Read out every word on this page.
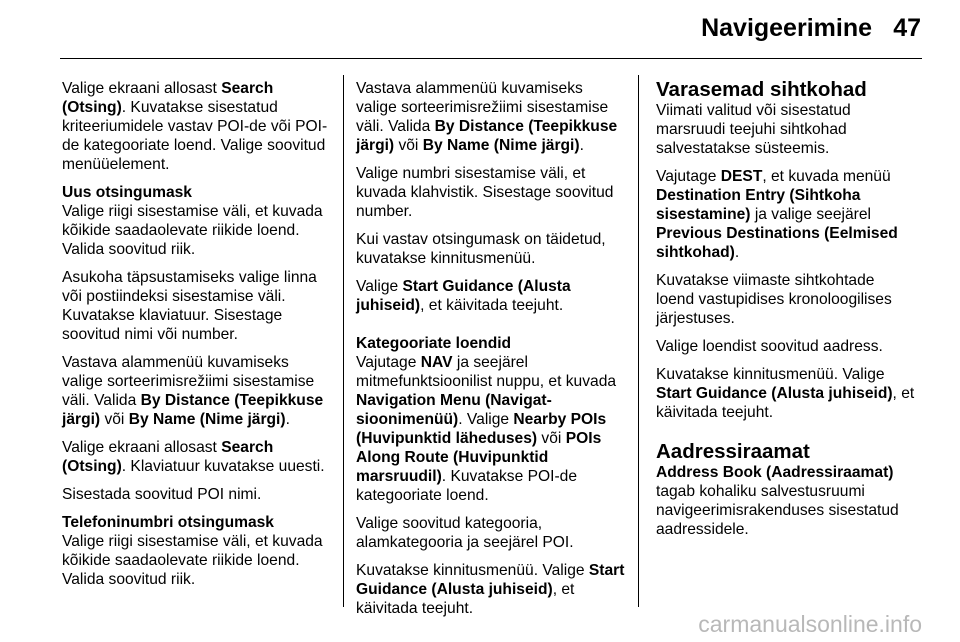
Navigeerimine 47

Valige ekraani allosast Search (Otsing). Kuvatakse sisestatud kriteeriumidele vastav POI-de või POI-de kategooriate loend. Valige soovitud menüüelement.

Uus otsingumask

Valige riigi sisestamise väli, et kuvada kõikide saadaolevate riikide loend. Valida soovitud riik.

Asukoha täpsustamiseks valige linna või postiindeksi sisestamise väli. Kuvatakse klaviatuur. Sisestage soovitud nimi või number.

Vastava alammenüü kuvamiseks valige sorteerimisrežiimi sisestamise väli. Valida By Distance (Teepikkuse järgi) või By Name (Nime järgi).

Valige ekraani allosast Search (Otsing). Klaviatuur kuvatakse uuesti.

Sisestada soovitud POI nimi.

Telefoninumbri otsingumask

Valige riigi sisestamise väli, et kuvada kõikide saadaolevate riikide loend. Valida soovitud riik.

Vastava alammenüü kuvamiseks valige sorteerimisrežiimi sisestamise väli. Valida By Distance (Teepikkuse järgi) või By Name (Nime järgi).

Valige numbri sisestamise väli, et kuvada klahvistik. Sisestage soovitud number.

Kui vastav otsingumask on täidetud, kuvatakse kinnitusmenüü.

Valige Start Guidance (Alusta juhiseid), et käivitada teejuht.

Kategooriate loendid

Vajutage NAV ja seejärel mitmefunktsioonilist nuppu, et kuvada Navigation Menu (Navigat-sioonimenüü). Valige Nearby POIs (Huvipunktid läheduses) või POIs Along Route (Huvipunktid marsruudil). Kuvatakse POI-de kategooriate loend.

Valige soovitud kategooria, alamkategooria ja seejärel POI.

Kuvatakse kinnitusmenüü. Valige Start Guidance (Alusta juhiseid), et käivitada teejuht.

Varasemad sihtkohad

Viimati valitud või sisestatud marsruudi teejuhi sihtkohad salvestatakse süsteemis.

Vajutage DEST, et kuvada menüü Destination Entry (Sihtkoha sisestamine) ja valige seejärel Previous Destinations (Eelmised sihtkohad).

Kuvatakse viimaste sihtkohtade loend vastupidises kronoloogilises järjestuses.

Valige loendist soovitud aadress.

Kuvatakse kinnitusmenüü. Valige Start Guidance (Alusta juhiseid), et käivitada teejuht.

Aadressiraamat

Address Book (Aadressiraamat) tagab kohaliku salvestusruumi navigeerimisrakenduses sisestatud aadressidele.

carmanualsonline.info
